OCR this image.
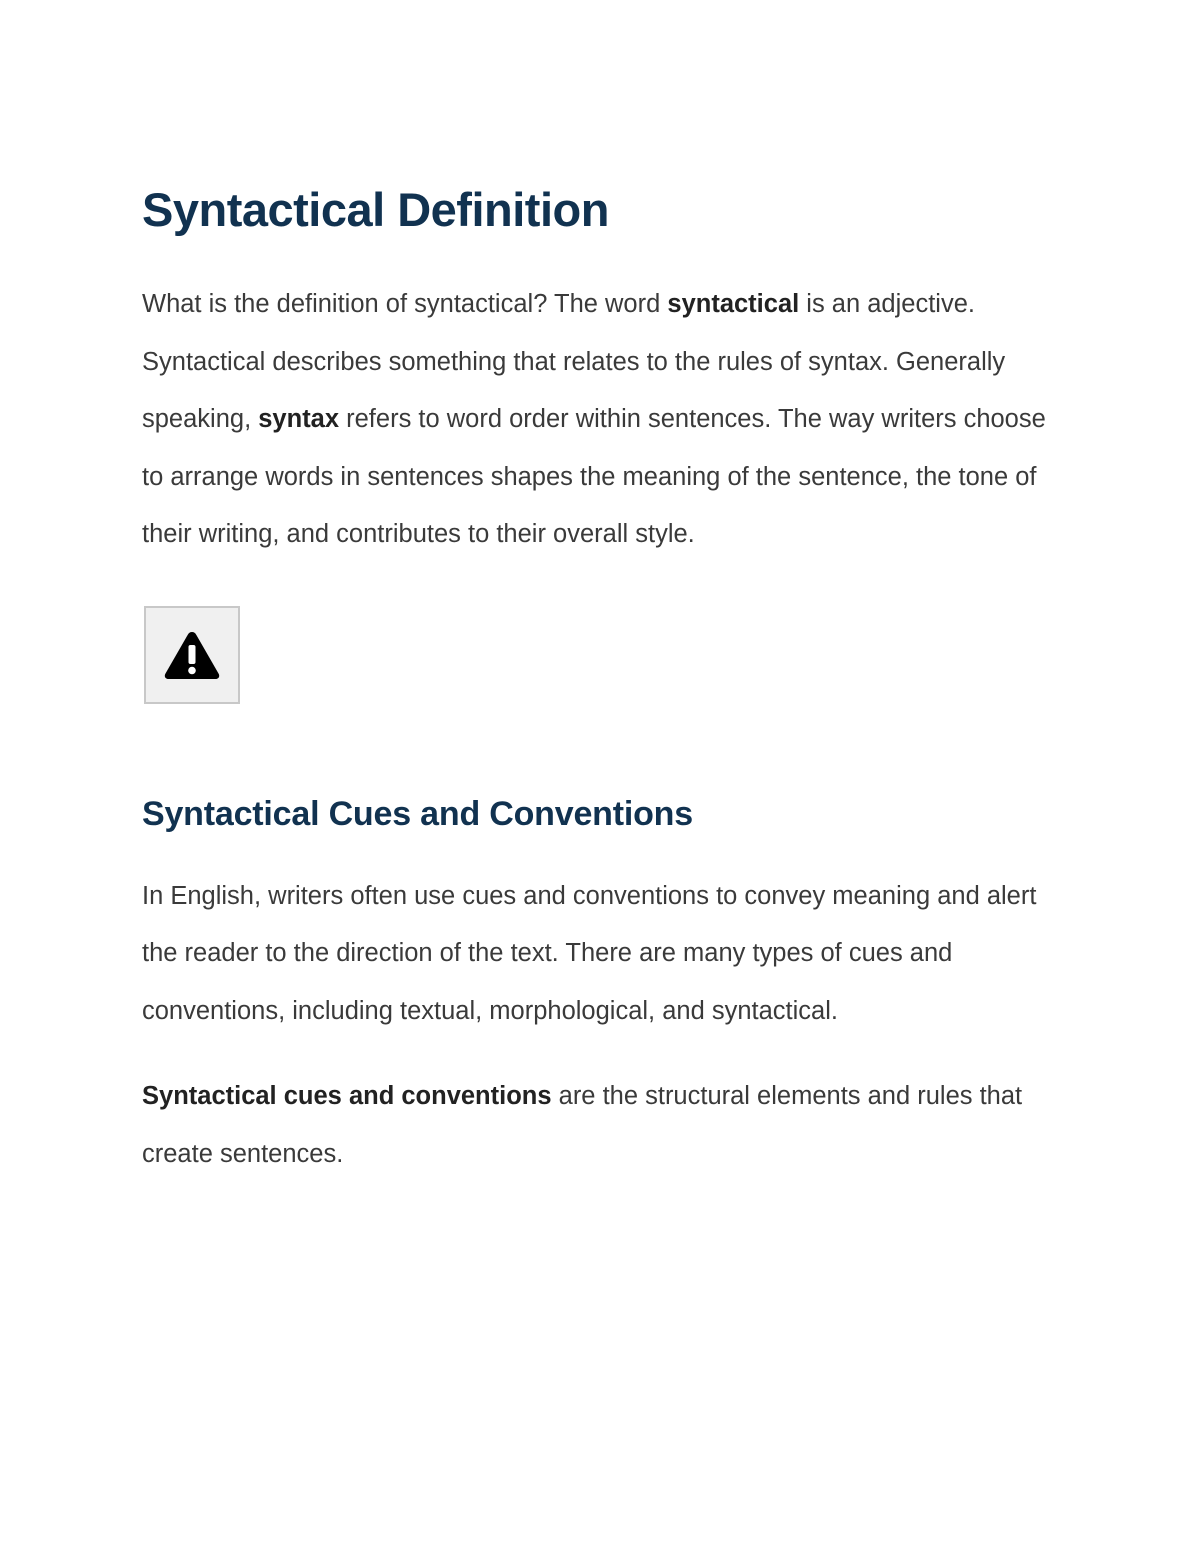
Syntactical Definition

What is the definition of syntactical? The word syntactical is an adjective. Syntactical describes something that relates to the rules of syntax. Generally speaking, syntax refers to word order within sentences. The way writers choose to arrange words in sentences shapes the meaning of the sentence, the tone of their writing, and contributes to their overall style.

Syntactical Cues and Conventions

In English, writers often use cues and conventions to convey meaning and alert the reader to the direction of the text. There are many types of cues and conventions, including textual, morphological, and syntactical.

Syntactical cues and conventions are the structural elements and rules that create sentences.
